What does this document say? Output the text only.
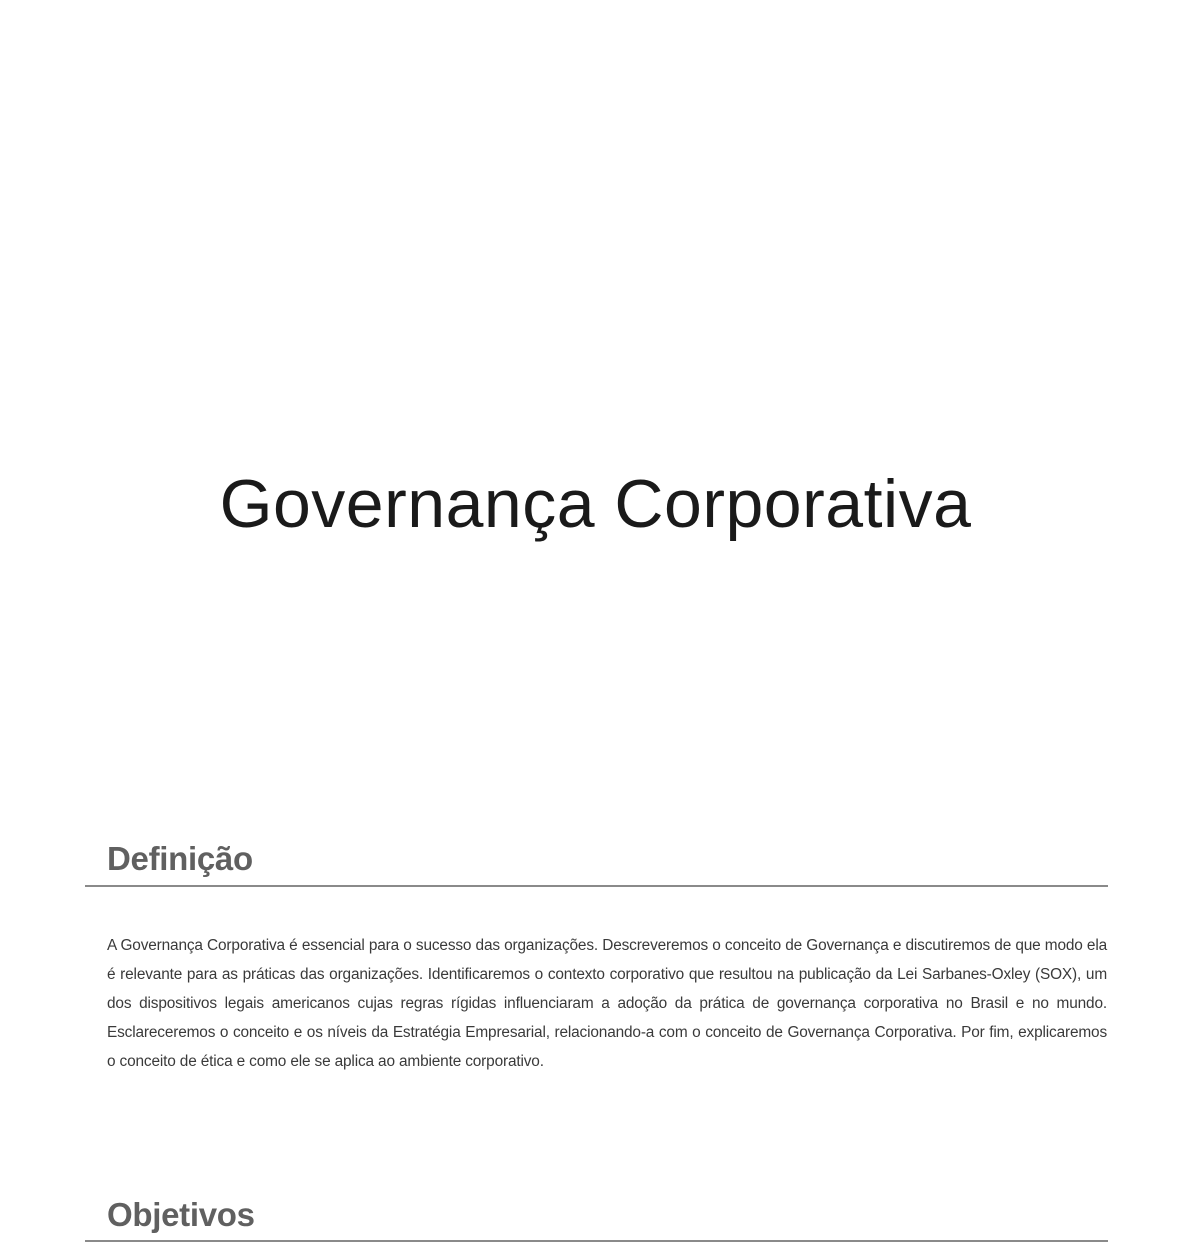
Governança Corporativa
Definição

A Governança Corporativa é essencial para o sucesso das organizações. Descreveremos o conceito de Governança e discutiremos de que modo ela é relevante para as práticas das organizações. Identificaremos o contexto corporativo que resultou na publicação da Lei Sarbanes-Oxley (SOX), um dos dispositivos legais americanos cujas regras rígidas influenciaram a adoção da prática de governança corporativa no Brasil e no mundo. Esclareceremos o conceito e os níveis da Estratégia Empresarial, relacionando-a com o conceito de Governança Corporativa. Por fim, explicaremos o conceito de ética e como ele se aplica ao ambiente corporativo.

Objetivos
